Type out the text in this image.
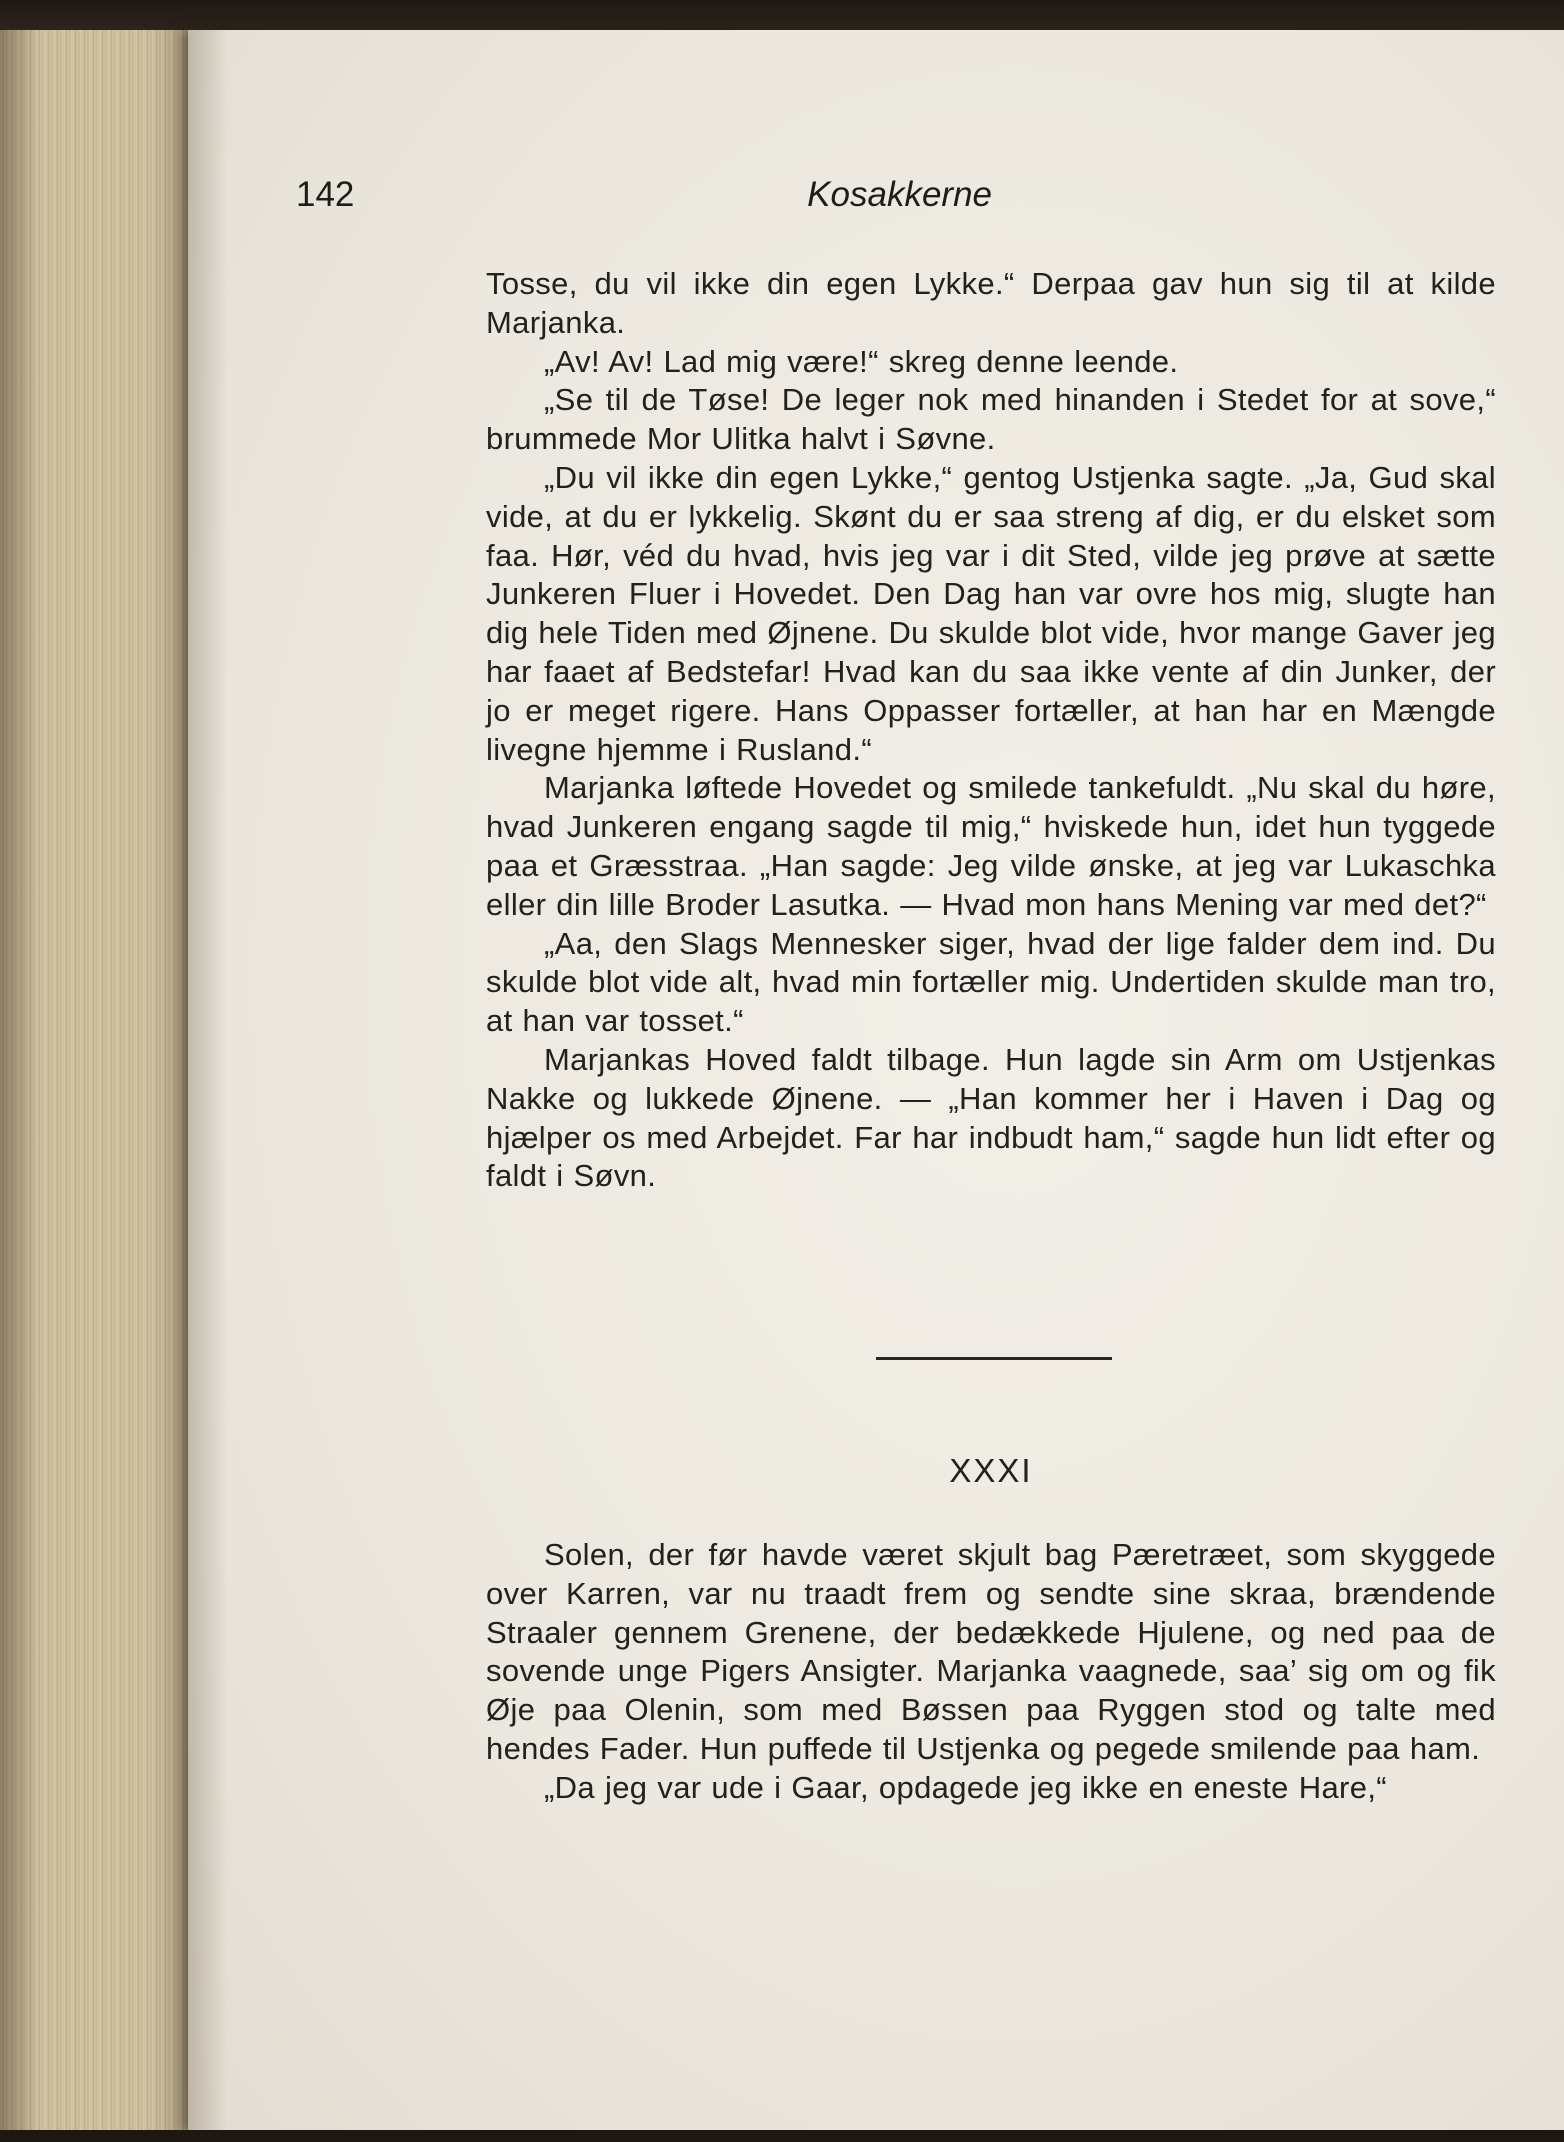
142	Kosakkerne

Tosse, du vil ikke din egen Lykke.“ Derpaa gav hun sig til at kilde Marjanka.

„Av! Av! Lad mig være!“ skreg denne leende.

„Se til de Tøse! De leger nok med hinanden i Stedet for at sove,“ brummede Mor Ulitka halvt i Søvne.

„Du vil ikke din egen Lykke,“ gentog Ustjenka sagte. „Ja, Gud skal vide, at du er lykkelig. Skønt du er saa streng af dig, er du elsket som faa. Hør, véd du hvad, hvis jeg var i dit Sted, vilde jeg prøve at sætte Junkeren Fluer i Hovedet. Den Dag han var ovre hos mig, slugte han dig hele Tiden med Øjnene. Du skulde blot vide, hvor mange Gaver jeg har faaet af Bedstefar! Hvad kan du saa ikke vente af din Junker, der jo er meget rigere. Hans Oppasser fortæller, at han har en Mængde livegne hjemme i Rusland.“

Marjanka løftede Hovedet og smilede tankefuldt. „Nu skal du høre, hvad Junkeren engang sagde til mig,“ hviskede hun, idet hun tyggede paa et Græsstraa. „Han sagde: Jeg vilde ønske, at jeg var Lukaschka eller din lille Broder Lasutka. — Hvad mon hans Mening var med det?“

„Aa, den Slags Mennesker siger, hvad der lige falder dem ind. Du skulde blot vide alt, hvad min fortæller mig. Undertiden skulde man tro, at han var tosset.“

Marjankas Hoved faldt tilbage. Hun lagde sin Arm om Ustjenkas Nakke og lukkede Øjnene. — „Han kommer her i Haven i Dag og hjælper os med Arbejdet. Far har indbudt ham,“ sagde hun lidt efter og faldt i Søvn.

XXXI

Solen, der før havde været skjult bag Pæretræet, som skyggede over Karren, var nu traadt frem og sendte sine skraa, brændende Straaler gennem Grenene, der bedækkede Hjulene, og ned paa de sovende unge Pigers Ansigter. Marjanka vaagnede, saa’ sig om og fik Øje paa Olenin, som med Bøssen paa Ryggen stod og talte med hendes Fader. Hun puffede til Ustjenka og pegede smilende paa ham.

„Da jeg var ude i Gaar, opdagede jeg ikke en eneste Hare,“
